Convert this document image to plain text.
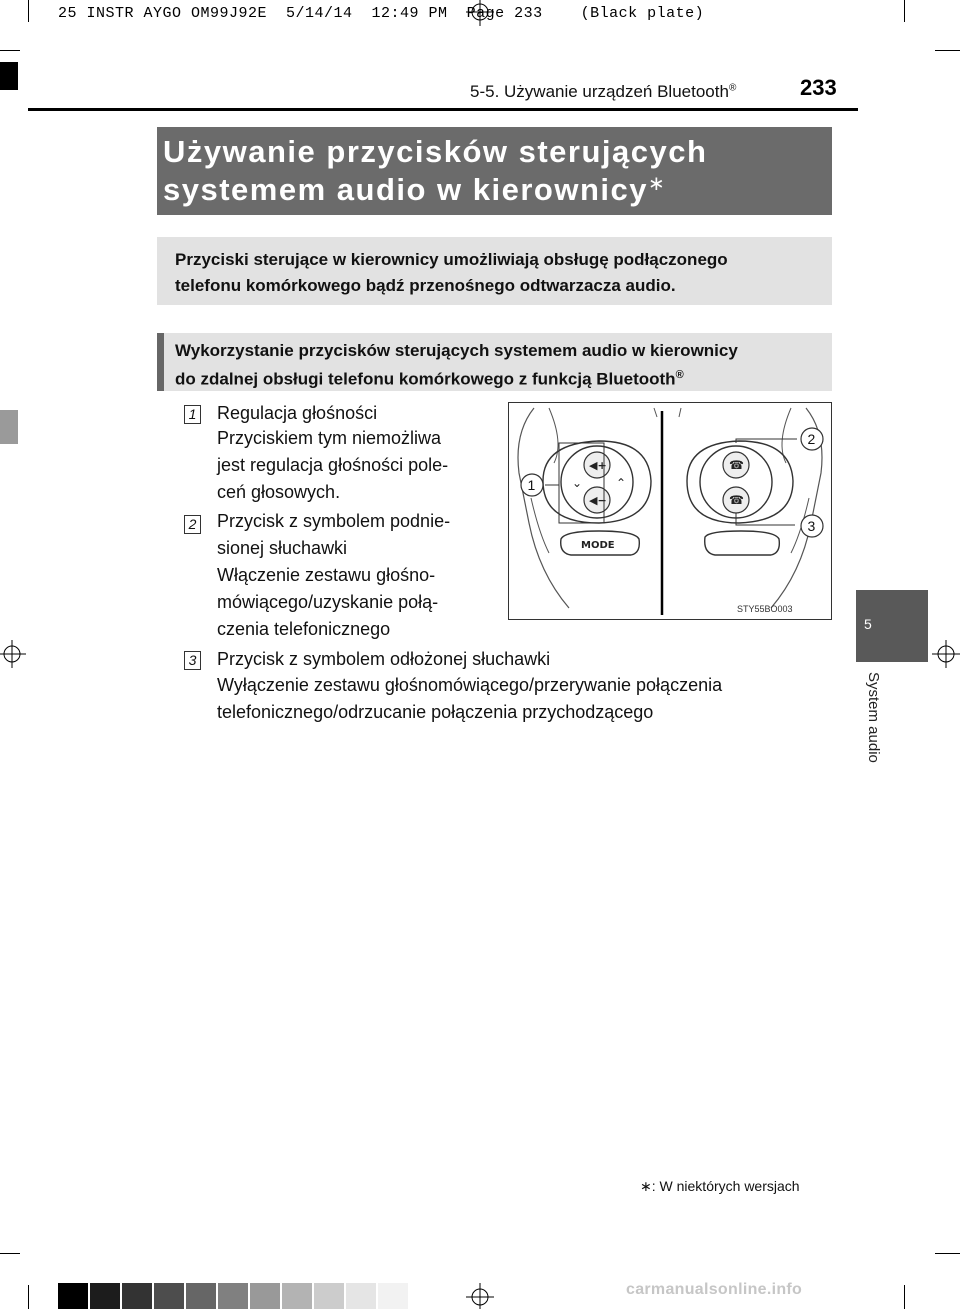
25 INSTR AYGO OM99J92E  5/14/14  12:49 PM  Page 233    (Black plate)
5-5. Używanie urządzeń Bluetooth®	233
Używanie przycisków sterujących
systemem audio w kierownicy∗
Przyciski sterujące w kierownicy umożliwiają obsługę podłączonego
telefonu komórkowego bądź przenośnego odtwarzacza audio.
Wykorzystanie przycisków sterujących systemem audio w kierownicy
do zdalnej obsługi telefonu komórkowego z funkcją Bluetooth®
1 Regulacja głośności
Przyciskiem tym niemożliwa
jest regulacja głośności pole-
ceń głosowych.
2 Przycisk z symbolem podnie-
sionej słuchawki
Włączenie zestawu głośno-
mówiącego/uzyskanie połą-
czenia telefonicznego
3 Przycisk z symbolem odłożonej słuchawki
Wyłączenie zestawu głośnomówiącego/przerywanie połączenia
telefonicznego/odrzucanie połączenia przychodzącego
◀+
◀−
⌄	⌃
MODE
☎
☎
1
2
3
STY55BO003
5
System audio
∗: W niektórych wersjach
carmanualsonline.info
